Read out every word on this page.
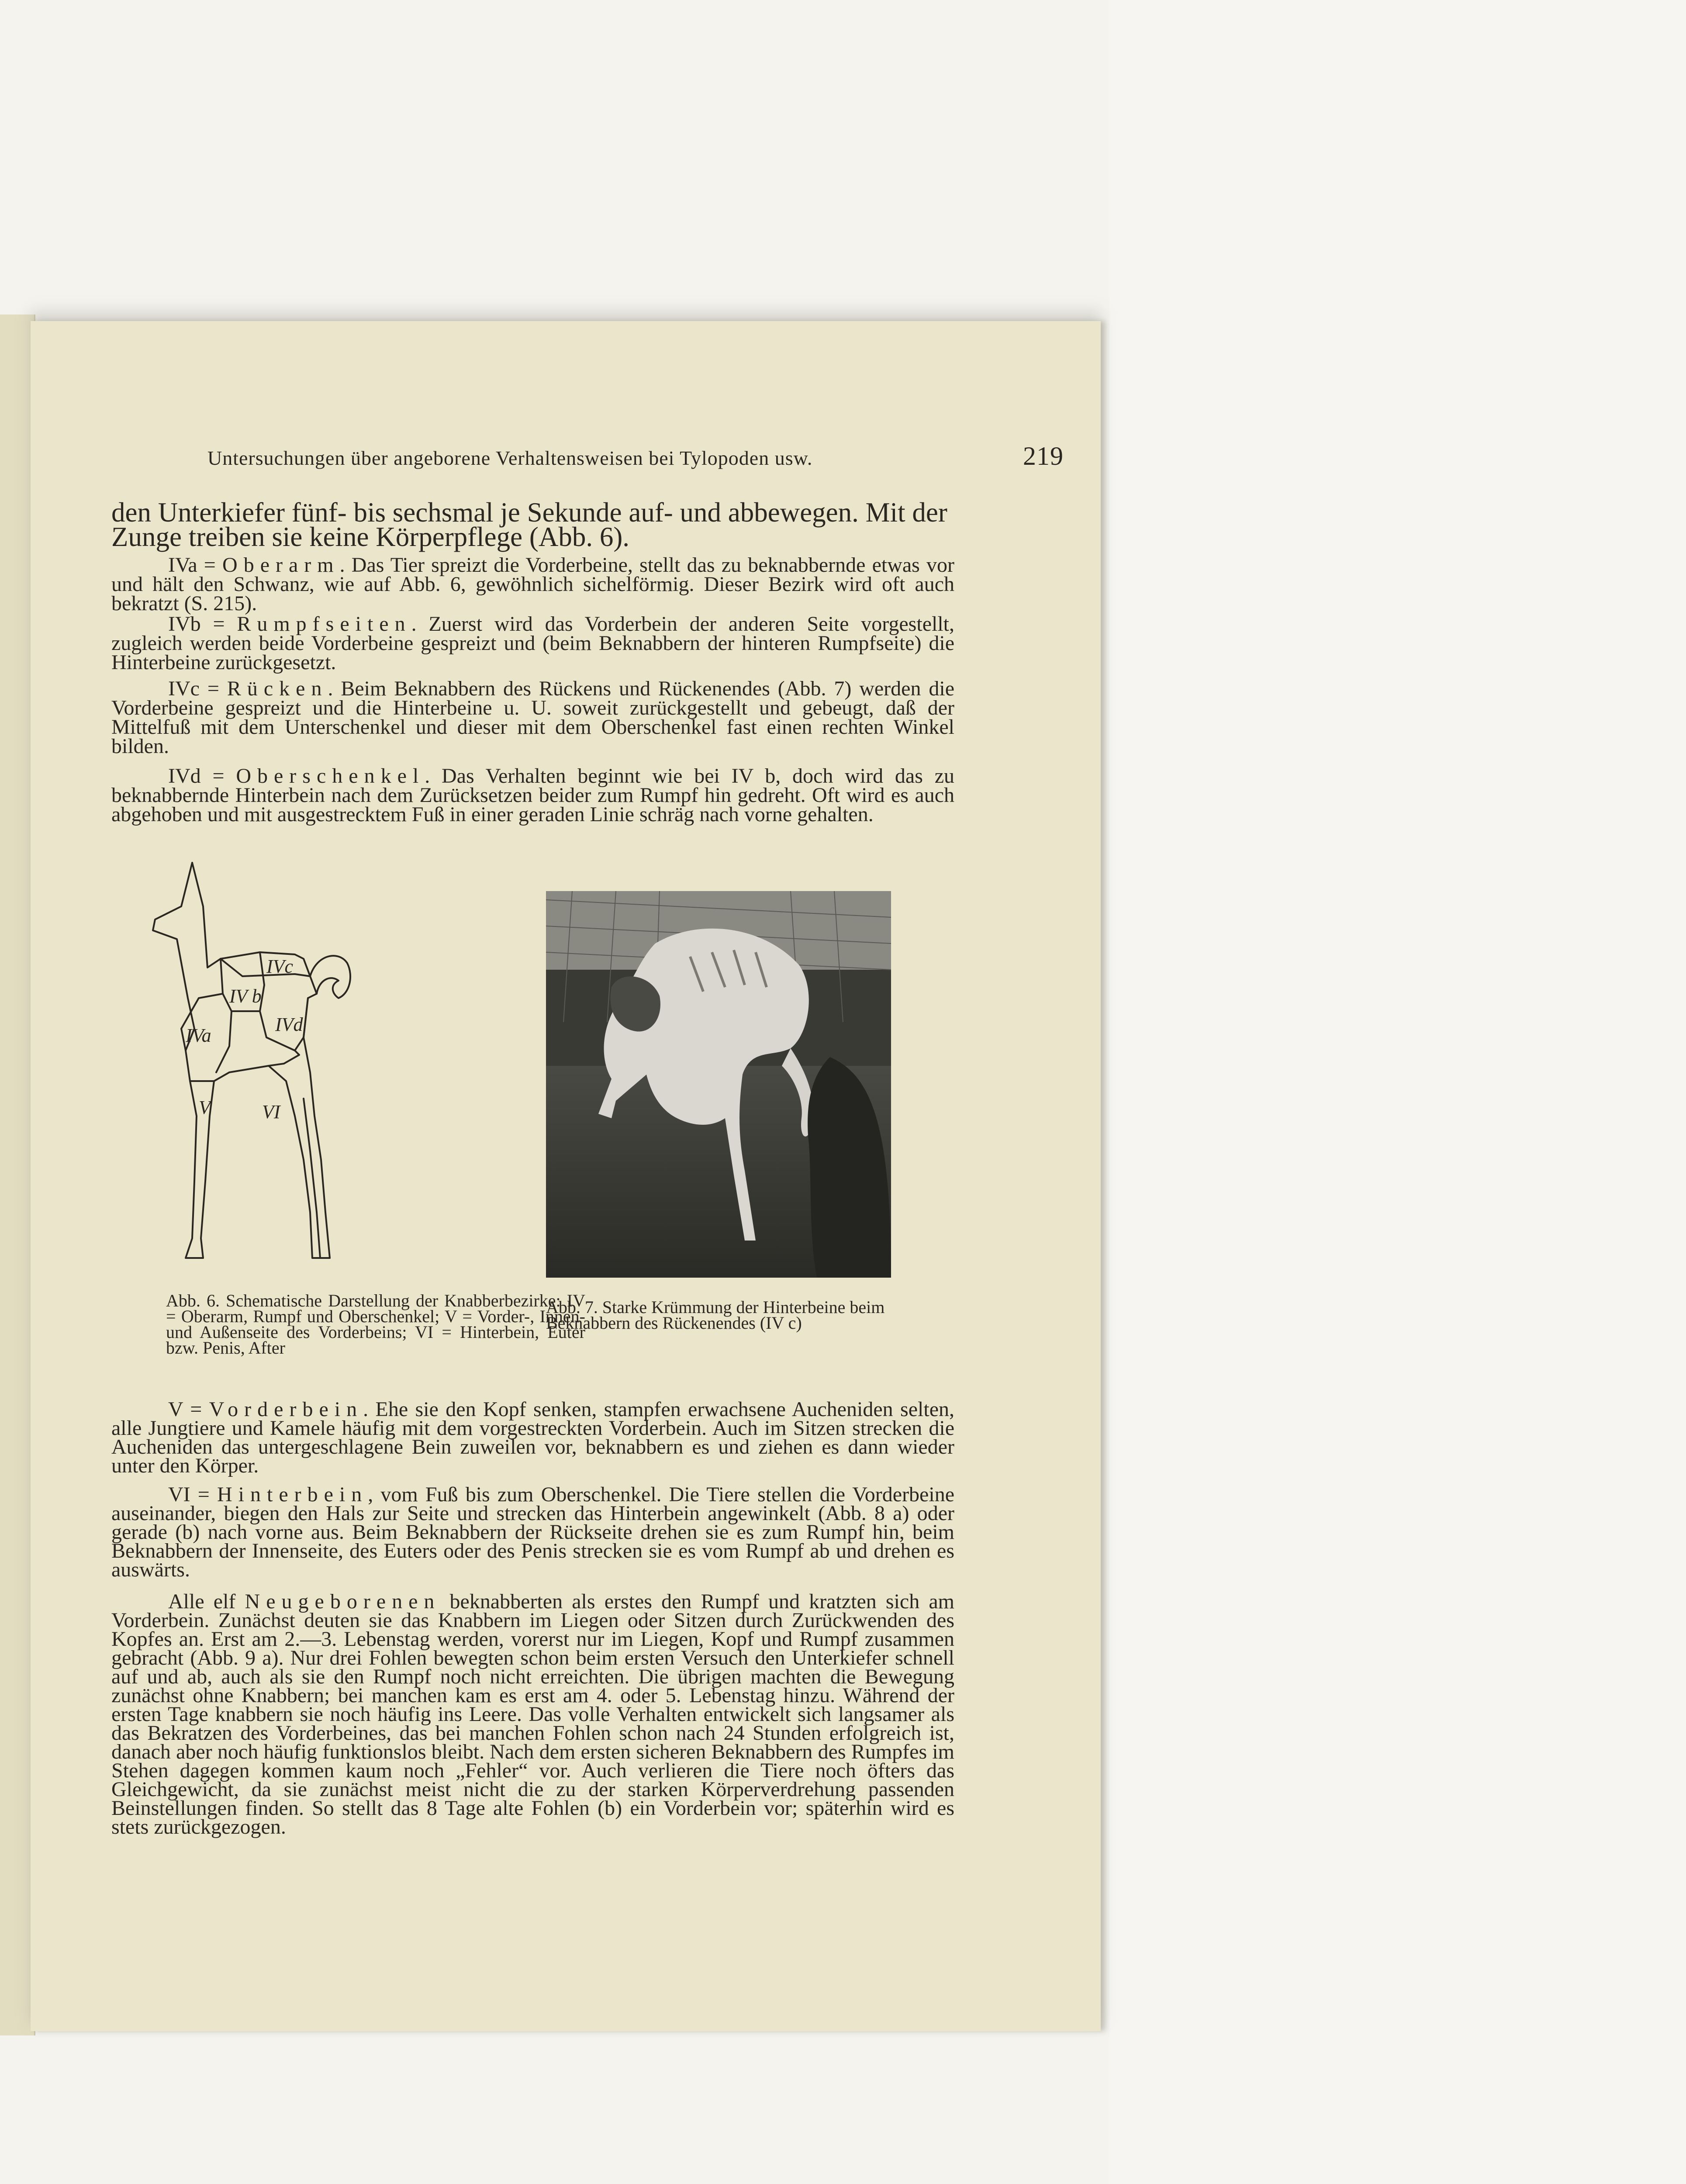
Untersuchungen über angeborene Verhaltensweisen bei Tylopoden usw.	219
den Unterkiefer fünf- bis sechsmal je Sekunde auf- und abbewegen. Mit der Zunge treiben sie keine Körperpflege (Abb. 6).
IVa = Oberarm. Das Tier spreizt die Vorderbeine, stellt das zu beknabbernde etwas vor und hält den Schwanz, wie auf Abb. 6, gewöhnlich sichelförmig. Dieser Bezirk wird oft auch bekratzt (S. 215).
IVb = Rumpfseiten. Zuerst wird das Vorderbein der anderen Seite vorgestellt, zugleich werden beide Vorderbeine gespreizt und (beim Beknabbern der hinteren Rumpfseite) die Hinterbeine zurückgesetzt.
IVc = Rücken. Beim Beknabbern des Rückens und Rückenendes (Abb. 7) werden die Vorderbeine gespreizt und die Hinterbeine u. U. soweit zurückgestellt und gebeugt, daß der Mittelfuß mit dem Unterschenkel und dieser mit dem Oberschenkel fast einen rechten Winkel bilden.
IVd = Oberschenkel. Das Verhalten beginnt wie bei IV b, doch wird das zu beknabbernde Hinterbein nach dem Zurücksetzen beider zum Rumpf hin gedreht. Oft wird es auch abgehoben und mit ausgestrecktem Fuß in einer geraden Linie schräg nach vorne gehalten.
IVa
IV b
IVc
IVd
V	VI
Abb. 6. Schematische Darstellung der Knabberbezirke: IV = Oberarm, Rumpf und Oberschenkel; V = Vorder-, Innen- und Außenseite des Vorderbeins; VI = Hinterbein, Euter bzw. Penis, After
Abb. 7. Starke Krümmung der Hinterbeine beim Beknabbern des Rückenendes (IV c)
V = Vorderbein. Ehe sie den Kopf senken, stampfen erwachsene Aucheniden selten, alle Jungtiere und Kamele häufig mit dem vorgestreckten Vorderbein. Auch im Sitzen strecken die Aucheniden das untergeschlagene Bein zuweilen vor, beknabbern es und ziehen es dann wieder unter den Körper.
VI = Hinterbein, vom Fuß bis zum Oberschenkel. Die Tiere stellen die Vorderbeine auseinander, biegen den Hals zur Seite und strecken das Hinterbein angewinkelt (Abb. 8 a) oder gerade (b) nach vorne aus. Beim Beknabbern der Rückseite drehen sie es zum Rumpf hin, beim Beknabbern der Innenseite, des Euters oder des Penis strecken sie es vom Rumpf ab und drehen es auswärts.
Alle elf Neugeborenen beknabberten als erstes den Rumpf und kratzten sich am Vorderbein. Zunächst deuten sie das Knabbern im Liegen oder Sitzen durch Zurückwenden des Kopfes an. Erst am 2.—3. Lebenstag werden, vorerst nur im Liegen, Kopf und Rumpf zusammen gebracht (Abb. 9 a). Nur drei Fohlen bewegten schon beim ersten Versuch den Unterkiefer schnell auf und ab, auch als sie den Rumpf noch nicht erreichten. Die übrigen machten die Bewegung zunächst ohne Knabbern; bei manchen kam es erst am 4. oder 5. Lebenstag hinzu. Während der ersten Tage knabbern sie noch häufig ins Leere. Das volle Verhalten entwickelt sich langsamer als das Bekratzen des Vorderbeines, das bei manchen Fohlen schon nach 24 Stunden erfolgreich ist, danach aber noch häufig funktionslos bleibt. Nach dem ersten sicheren Beknabbern des Rumpfes im Stehen dagegen kommen kaum noch „Fehler“ vor. Auch verlieren die Tiere noch öfters das Gleichgewicht, da sie zunächst meist nicht die zu der starken Körperverdrehung passenden Beinstellungen finden. So stellt das 8 Tage alte Fohlen (b) ein Vorderbein vor; späterhin wird es stets zurückgezogen.
